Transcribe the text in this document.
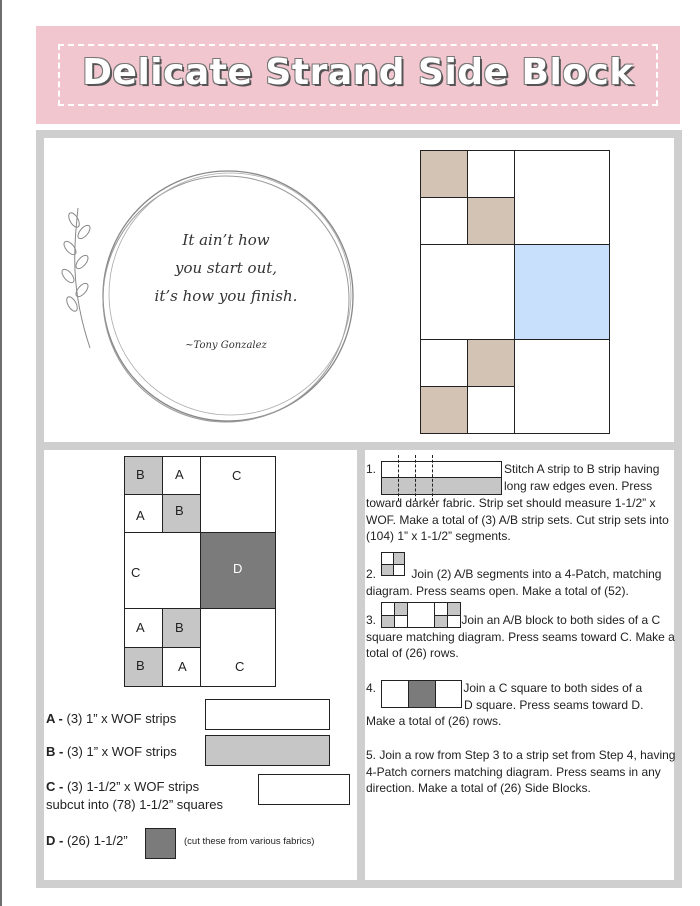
Delicate Strand Side Block
It ain’t how
you start out,
it’s how you finish.
~Tony Gonzalez
B A	C
A B
C	D
A B
C
B	A
A - (3) 1” x WOF strips
B - (3) 1” x WOF strips
C - (3) 1-1/2” x WOF strips
subcut into (78) 1-1/2” squares
D - (26) 1-1/2”	(cut these from various fabrics)
1.	Stitch A strip to B strip having
long raw edges even. Press
toward darker fabric. Strip set should measure 1-1/2” x WOF. Make a total of (3) A/B strip sets. Cut strip sets into (104) 1” x 1-1/2” segments.
2.	Join (2) A/B segments into a 4-Patch, matching diagram. Press seams open. Make a total of (52).
3.	Join an A/B block to both sides of a C
square matching diagram. Press seams toward C. Make a total of (26) rows.
4.	Join a C square to both sides of a
D square. Press seams toward D.
Make a total of (26) rows.
5. Join a row from Step 3 to a strip set from Step 4, having 4-Patch corners matching diagram. Press seams in any direction. Make a total of (26) Side Blocks.
